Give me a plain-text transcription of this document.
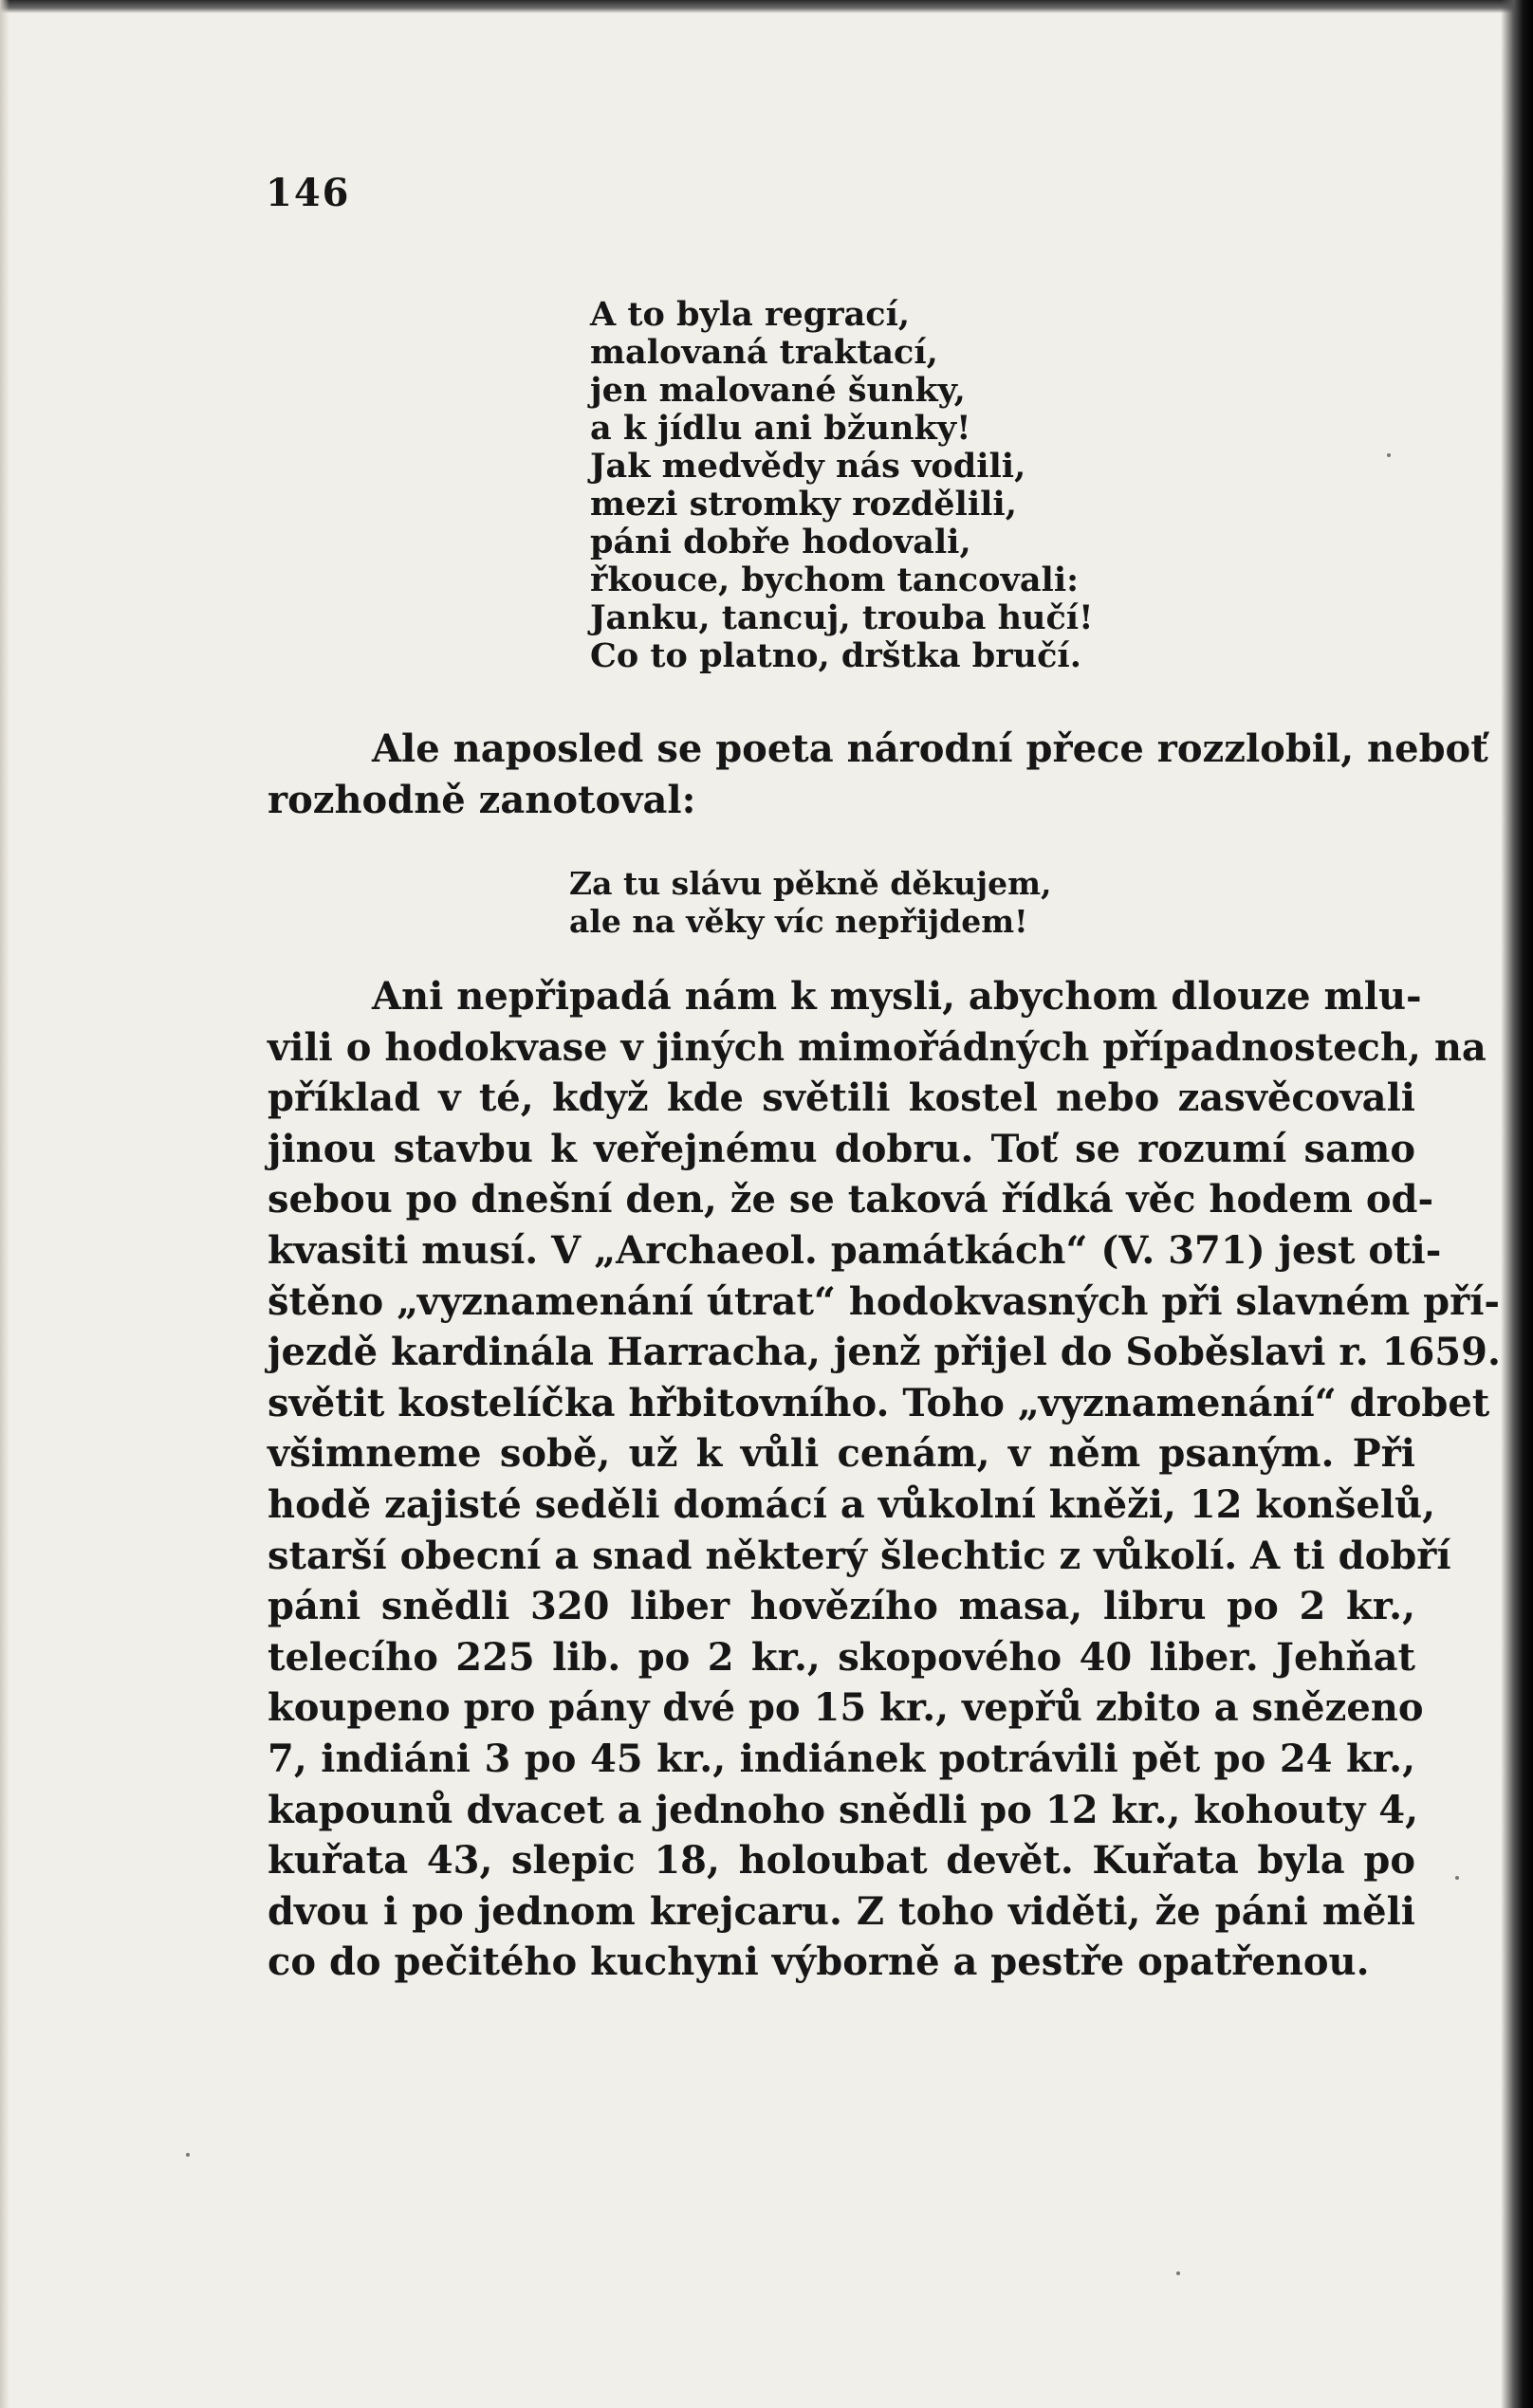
146

A to byla regrací,
malovaná traktací,
jen malované šunky,
a k jídlu ani bžunky!
Jak medvědy nás vodili,
mezi stromky rozdělili,
páni dobře hodovali,
řkouce, bychom tancovali:
Janku, tancuj, trouba hučí!
Co to platno, drštka bručí.
Ale naposled se poeta národní přece rozzlobil, neboť
rozhodně zanotoval:
Za tu slávu pěkně děkujem,
ale na věky víc nepřijdem!
Ani nepřipadá nám k mysli, abychom dlouze mlu-
vili o hodokvase v jiných mimořádných případnostech, na
příklad v té, když kde světili kostel nebo zasvěcovali
jinou stavbu k veřejnému dobru. Toť se rozumí samo
sebou po dnešní den, že se taková řídká věc hodem od-
kvasiti musí. V „Archaeol. památkách“ (V. 371) jest oti-
štěno „vyznamenání útrat“ hodokvasných při slavném pří-
jezdě kardinála Harracha, jenž přijel do Soběslavi r. 1659.
světit kostelíčka hřbitovního. Toho „vyznamenání“ drobet
všimneme sobě, už k vůli cenám, v něm psaným. Při
hodě zajisté seděli domácí a vůkolní kněži, 12 konšelů,
starší obecní a snad některý šlechtic z vůkolí. A ti dobří
páni snědli 320 liber hovězího masa, libru po 2 kr.,
telecího 225 lib. po 2 kr., skopového 40 liber. Jehňat
koupeno pro pány dvé po 15 kr., vepřů zbito a snězeno
7, indiáni 3 po 45 kr., indiánek potrávili pět po 24 kr.,
kapounů dvacet a jednoho snědli po 12 kr., kohouty 4,
kuřata 43, slepic 18, holoubat devět. Kuřata byla po
dvou i po jednom krejcaru. Z toho viděti, že páni měli
co do pečitého kuchyni výborně a pestře opatřenou.
